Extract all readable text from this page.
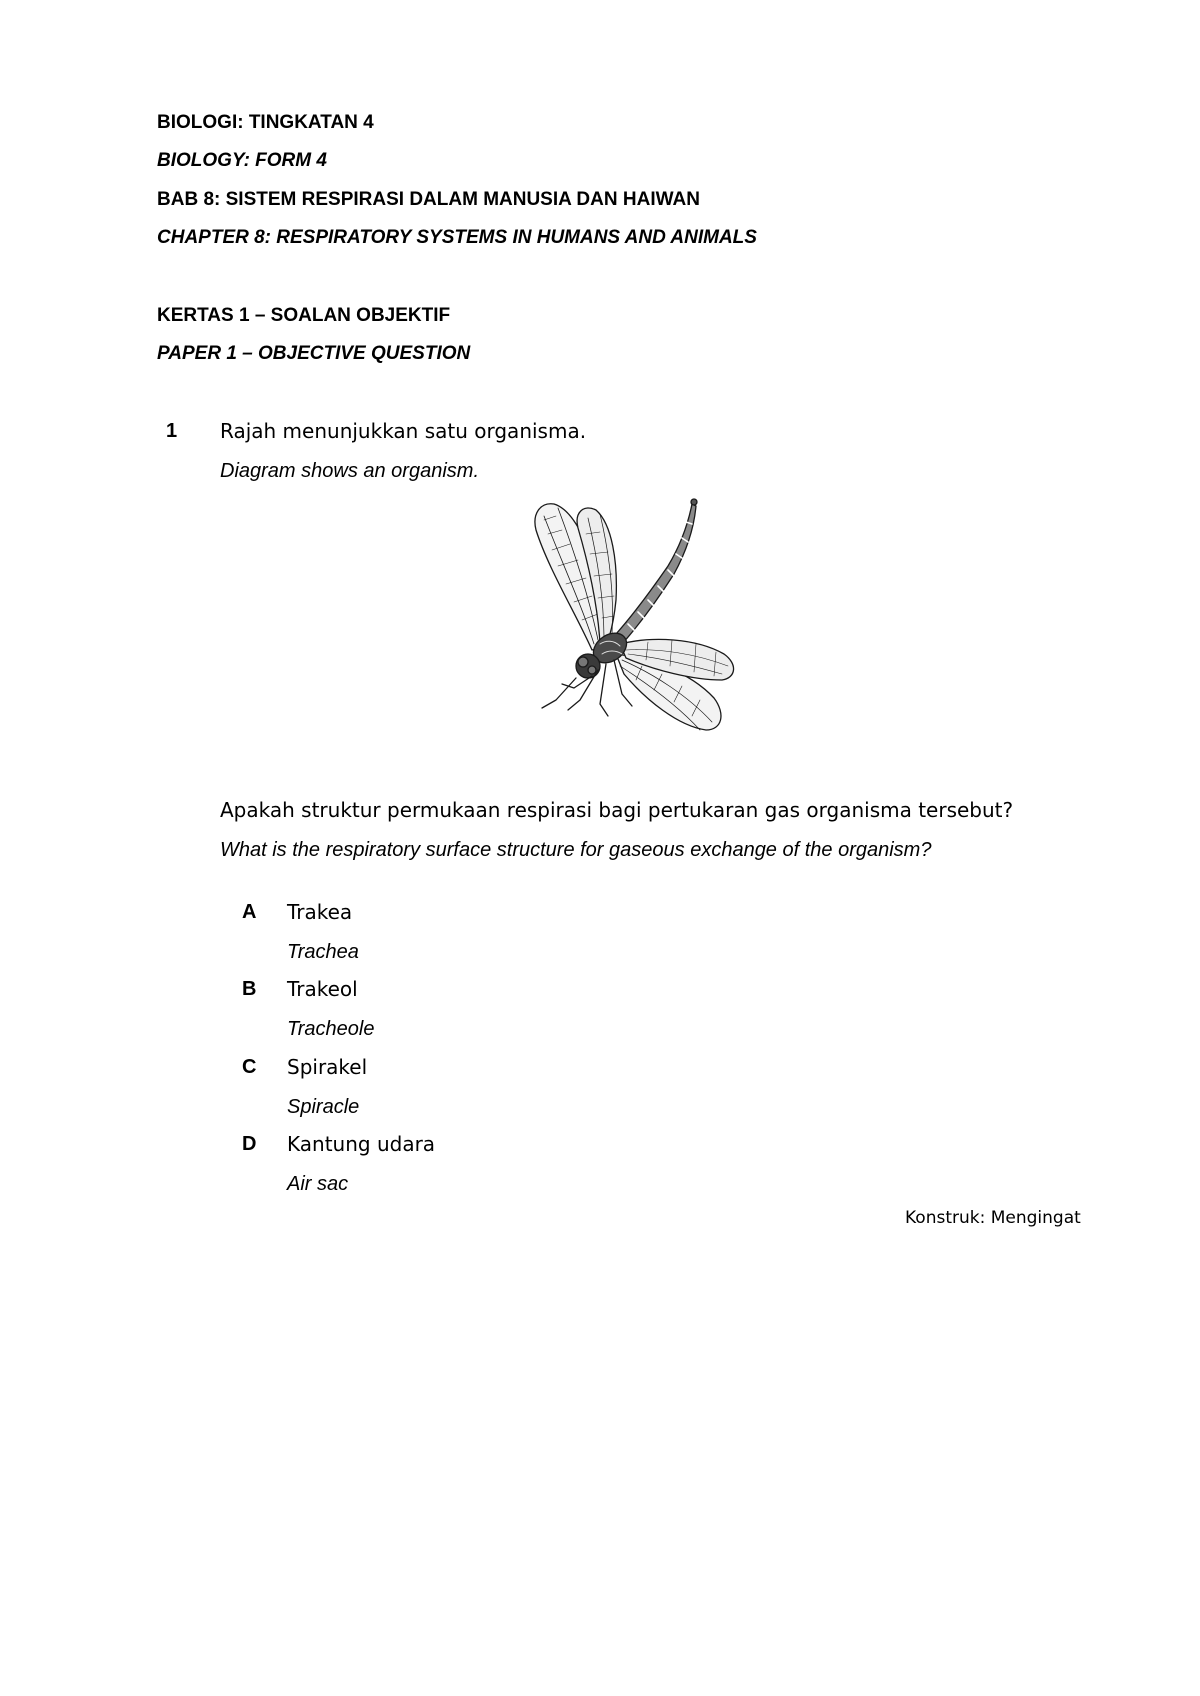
BIOLOGI: TINGKATAN 4
BIOLOGY: FORM 4
BAB 8: SISTEM RESPIRASI DALAM MANUSIA DAN HAIWAN
CHAPTER 8: RESPIRATORY SYSTEMS IN HUMANS AND ANIMALS
KERTAS 1 – SOALAN OBJEKTIF
PAPER 1 – OBJECTIVE QUESTION
1 Rajah menunjukkan satu organisma.
Diagram shows an organism.
Apakah struktur permukaan respirasi bagi pertukaran gas organisma tersebut?
What is the respiratory surface structure for gaseous exchange of the organism?
A Trakea
Trachea
B Trakeol
Tracheole
C Spirakel
Spiracle
D Kantung udara
Air sac
Konstruk: Mengingat
